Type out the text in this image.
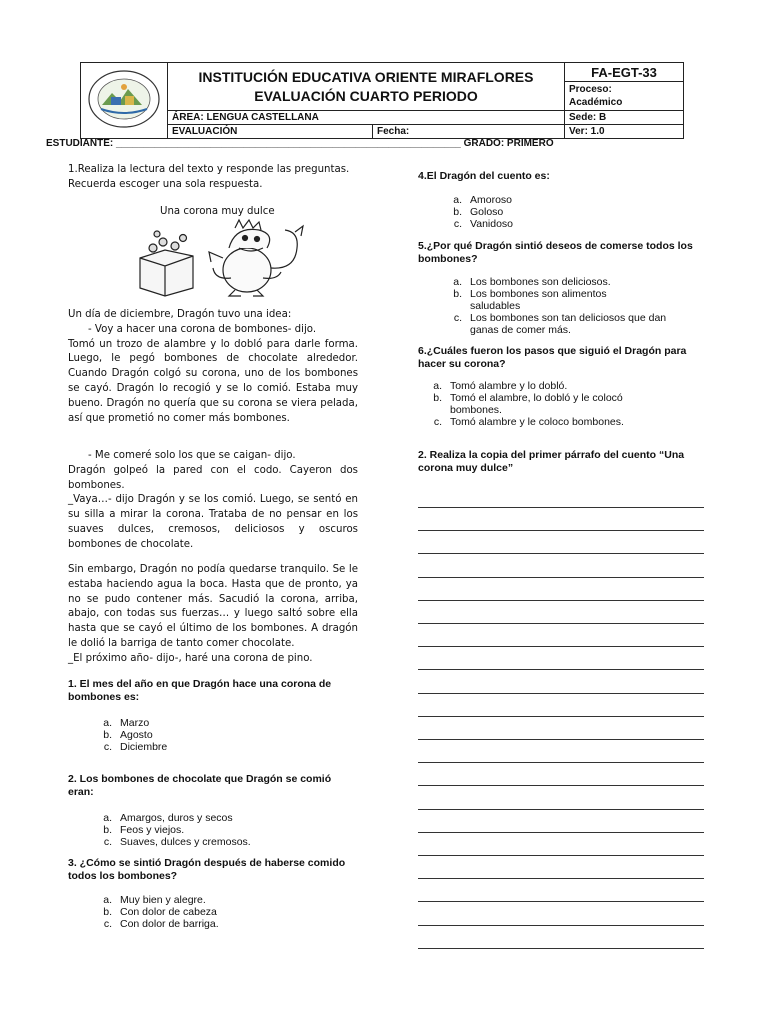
INSTITUCIÓN EDUCATIVA ORIENTE MIRAFLORES
EVALUACIÓN CUARTO PERIODO		FA-EGT-33

			Proceso: Académico

	ÁREA: LENGUA CASTELLANA		Sede: B
	EVALUACIÓN	Fecha:	Ver: 1.0
ESTUDIANTE: ______________________________________________________________ GRADO: PRIMERO
1.Realiza la lectura del texto y responde las preguntas. Recuerda escoger una sola respuesta.
Una corona muy dulce
Un día de diciembre, Dragón tuvo una idea:
- Voy a hacer una corona de bombones- dijo.
Tomó un trozo de alambre y lo dobló para darle forma. Luego, le pegó bombones de chocolate alrededor. Cuando Dragón colgó su corona, uno de los bombones se cayó. Dragón lo recogió y se lo comió. Estaba muy bueno. Dragón no quería que su corona se viera pelada, así que prometió no comer más bombones.
- Me comeré solo los que se caigan- dijo.
Dragón golpeó la pared con el codo. Cayeron dos bombones.
_Vaya…- dijo Dragón y se los comió. Luego, se sentó en su silla a mirar la corona. Trataba de no pensar en los suaves dulces, cremosos, deliciosos y oscuros bombones de chocolate.
Sin embargo, Dragón no podía quedarse tranquilo. Se le estaba haciendo agua la boca. Hasta que de pronto, ya no se pudo contener más. Sacudió la corona, arriba, abajo, con todas sus fuerzas… y luego saltó sobre ella hasta que se cayó el último de los bombones. A dragón le dolió la barriga de tanto comer chocolate.
_El próximo año- dijo-, haré una corona de pino.
1. El mes del año en que Dragón hace una corona de bombones es:
a. Marzo
b. Agosto
c. Diciembre
2. Los bombones de chocolate que Dragón se comió eran:
a. Amargos, duros y secos
b. Feos y viejos.
c. Suaves, dulces y cremosos.
3. ¿Cómo se sintió Dragón después de haberse comido todos los bombones?
a. Muy bien y alegre.
b. Con dolor de cabeza
c. Con dolor de barriga.
4.El Dragón del cuento es:
a. Amoroso
b. Goloso
c. Vanidoso
5.¿Por qué Dragón sintió deseos de comerse todos los bombones?
a. Los bombones son deliciosos.
b. Los bombones son alimentos saludables
c. Los bombones son tan deliciosos que dan ganas de comer más.
6.¿Cuáles fueron los pasos que siguió el Dragón para hacer su corona?
a. Tomó alambre y lo dobló.
b. Tomó el alambre, lo dobló y le colocó bombones.
c. Tomó alambre y le coloco bombones.
2. Realiza la copia del primer párrafo del cuento “Una corona muy dulce”
